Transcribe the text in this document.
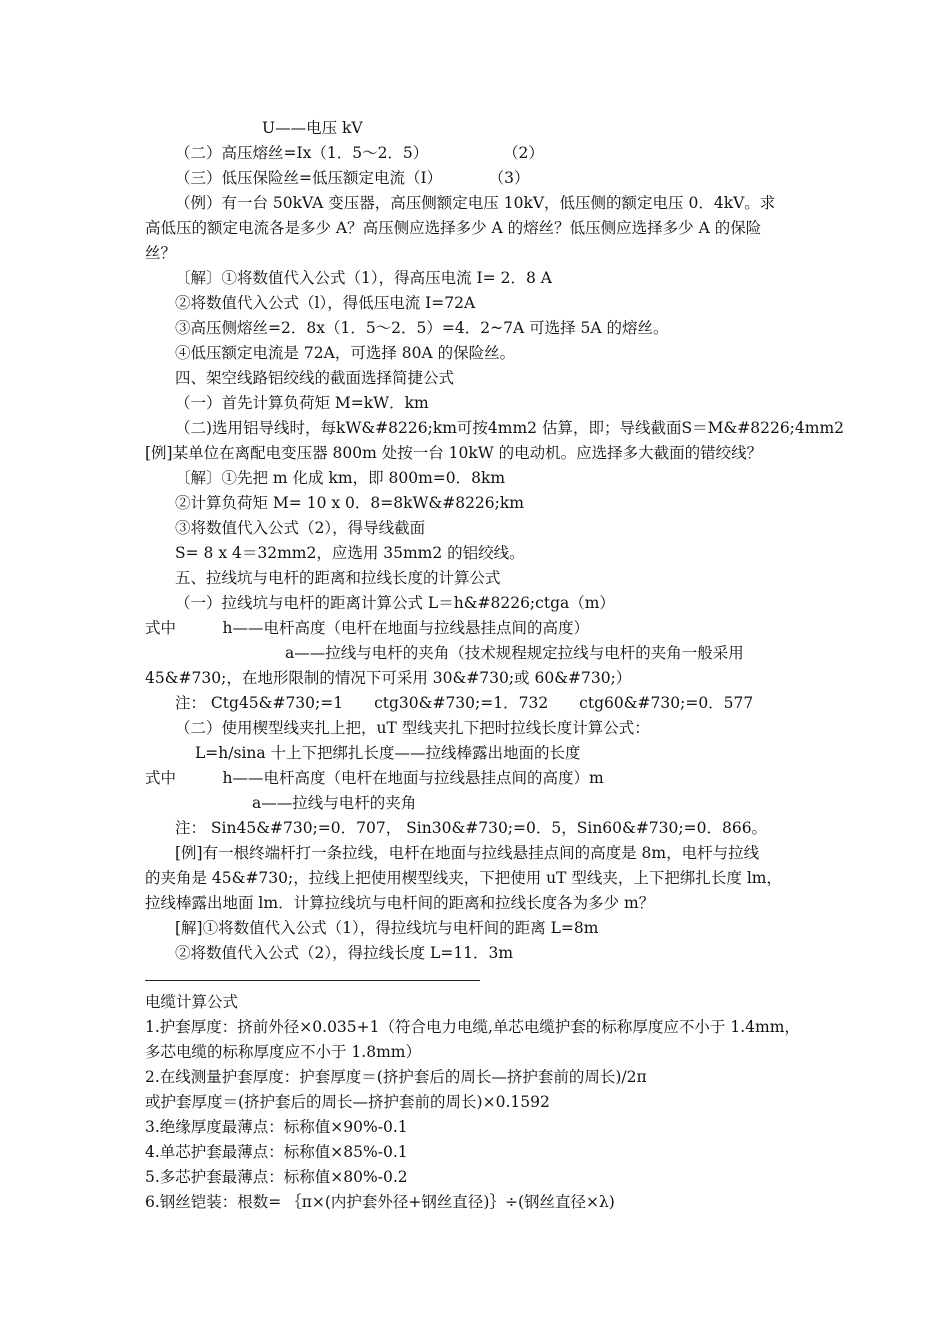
U——电压 kV
（二）高压熔丝=Ix（1．5～2．5）　　　　　 （2）
（三）低压保险丝=低压额定电流（I）　　　　（3）
（例）有一台 50kVA 变压器，高压侧额定电压 10kV，低压侧的额定电压 0．4kV。求
高低压的额定电流各是多少 A？高压侧应选择多少 A 的熔丝？低压侧应选择多少 A 的保险
丝？
〔解〕①将数值代入公式（1），得高压电流 I= 2．8 A
②将数值代入公式（l），得低压电流 I=72A
③高压侧熔丝=2．8x（1．5～2．5）=4．2~7A 可选择 5A 的熔丝。
④低压额定电流是 72A，可选择 80A 的保险丝。
四、架空线路铝绞线的截面选择简捷公式
（一）首先计算负荷矩 M=kW．km
（二)选用铝导线时，每kW&#8226;km可按4mm2 估算，即；导线截面S＝M&#8226;4mm2
[例]某单位在离配电变压器 800m 处按一台 10kW 的电动机。应选择多大截面的错绞线？
〔解〕①先把 m 化成 km，即 800m=0．8km
②计算负荷矩 M= 10 x 0．8=8kW&#8226;km
③将数值代入公式（2），得导线截面
S= 8 x 4＝32mm2，应选用 35mm2 的铝绞线。
五、拉线坑与电杆的距离和拉线长度的计算公式
（一）拉线坑与电杆的距离计算公式 L＝h&#8226;ctga（m）
式中　　　h——电杆高度（电杆在地面与拉线悬挂点间的高度）
a——拉线与电杆的夹角（技术规程规定拉线与电杆的夹角一般采用
45&#730;，在地形限制的情况下可采用 30&#730;或 60&#730;）
注： Ctg45&#730;=1　　ctg30&#730;=1．732　　ctg60&#730;=0．577
（二）使用楔型线夹扎上把，uT 型线夹扎下把时拉线长度计算公式：
L=h/sina 十上下把绑扎长度——拉线棒露出地面的长度
式中　　　h——电杆高度（电杆在地面与拉线悬挂点间的高度）m
a——拉线与电杆的夹角
注： Sin45&#730;=0．707， Sin30&#730;=0．5，Sin60&#730;=0．866。
[例]有一根终端杆打一条拉线，电杆在地面与拉线悬挂点间的高度是 8m，电杆与拉线
的夹角是 45&#730;，拉线上把使用楔型线夹，下把使用 uT 型线夹，上下把绑扎长度 lm，
拉线棒露出地面 lm．计算拉线坑与电杆间的距离和拉线长度各为多少 m？
[解]①将数值代入公式（1），得拉线坑与电杆间的距离 L=8m
②将数值代入公式（2），得拉线长度 L=11．3m
电缆计算公式
1.护套厚度：挤前外径×0.035+1（符合电力电缆,单芯电缆护套的标称厚度应不小于 1.4mm，
多芯电缆的标称厚度应不小于 1.8mm）
2.在线测量护套厚度：护套厚度＝(挤护套后的周长—挤护套前的周长)/2π
或护套厚度＝(挤护套后的周长—挤护套前的周长)×0.1592
3.绝缘厚度最薄点：标称值×90%-0.1
4.单芯护套最薄点：标称值×85%-0.1
5.多芯护套最薄点：标称值×80%-0.2
6.钢丝铠装：根数= ｛π×(内护套外径+钢丝直径)｝÷(钢丝直径×λ)
